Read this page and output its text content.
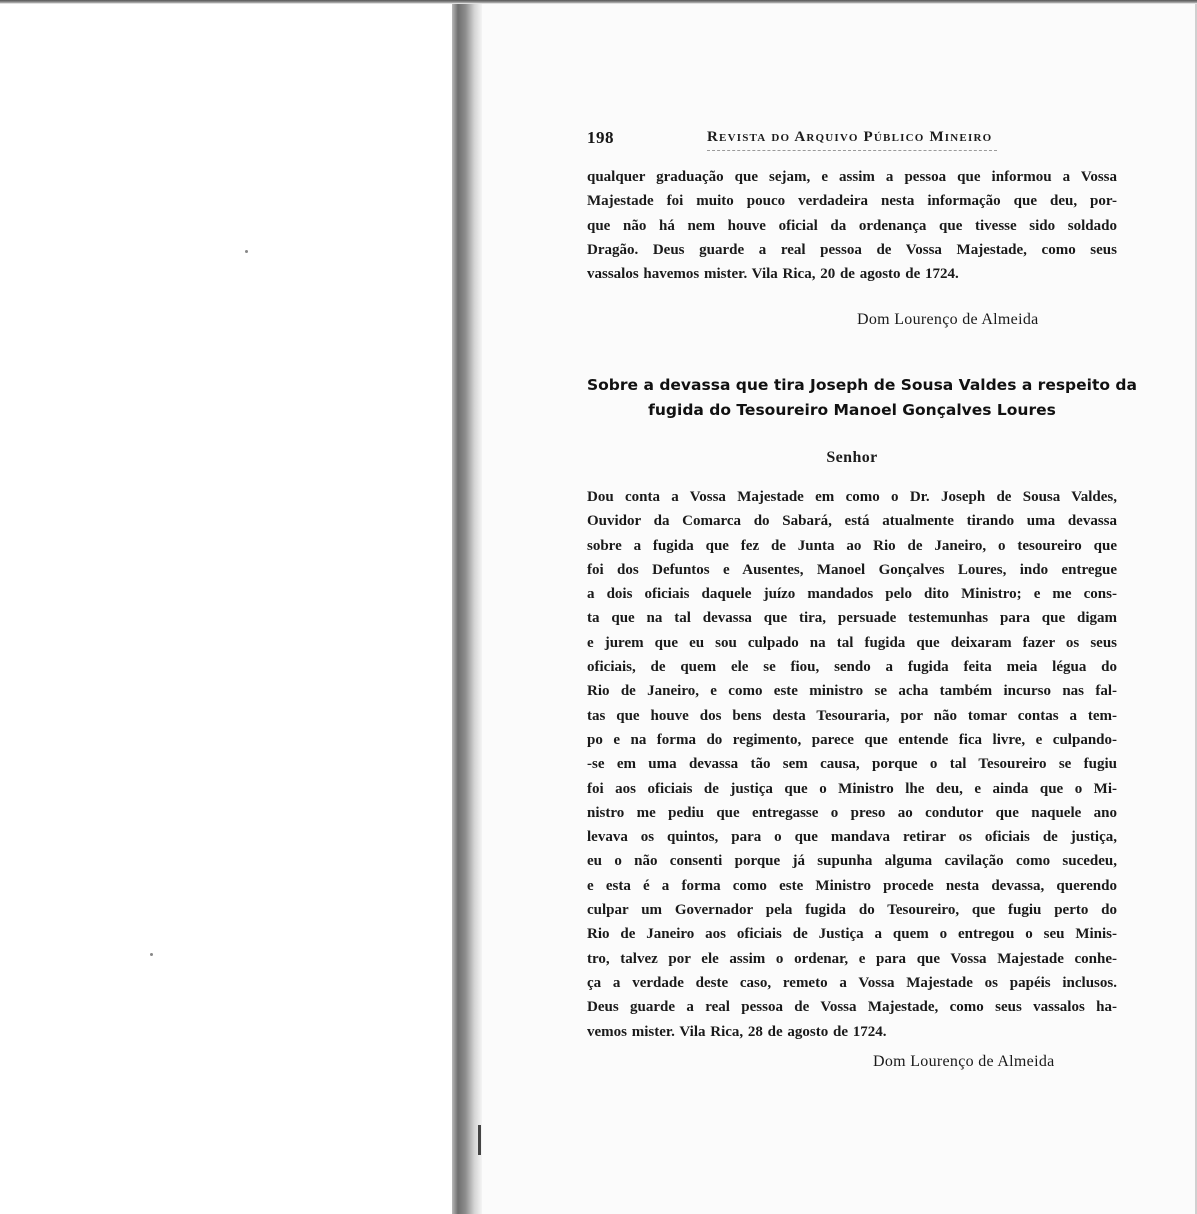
198	Revista do Arquivo Público Mineiro
qualquer graduação que sejam, e assim a pessoa que informou a Vossa
Majestade foi muito pouco verdadeira nesta informação que deu, por-
que não há nem houve oficial da ordenança que tivesse sido soldado
Dragão. Deus guarde a real pessoa de Vossa Majestade, como seus
vassalos havemos mister. Vila Rica, 20 de agosto de 1724.
Dom Lourenço de Almeida
Sobre a devassa que tira Joseph de Sousa Valdes a respeito da
fugida do Tesoureiro Manoel Gonçalves Loures
Senhor
Dou conta a Vossa Majestade em como o Dr. Joseph de Sousa Valdes,
Ouvidor da Comarca do Sabará, está atualmente tirando uma devassa
sobre a fugida que fez de Junta ao Rio de Janeiro, o tesoureiro que
foi dos Defuntos e Ausentes, Manoel Gonçalves Loures, indo entregue
a dois oficiais daquele juízo mandados pelo dito Ministro; e me cons-
ta que na tal devassa que tira, persuade testemunhas para que digam
e jurem que eu sou culpado na tal fugida que deixaram fazer os seus
oficiais, de quem ele se fiou, sendo a fugida feita meia légua do
Rio de Janeiro, e como este ministro se acha também incurso nas fal-
tas que houve dos bens desta Tesouraria, por não tomar contas a tem-
po e na forma do regimento, parece que entende fica livre, e culpando-
-se em uma devassa tão sem causa, porque o tal Tesoureiro se fugiu
foi aos oficiais de justiça que o Ministro lhe deu, e ainda que o Mi-
nistro me pediu que entregasse o preso ao condutor que naquele ano
levava os quintos, para o que mandava retirar os oficiais de justiça,
eu o não consenti porque já supunha alguma cavilação como sucedeu,
e esta é a forma como este Ministro procede nesta devassa, querendo
culpar um Governador pela fugida do Tesoureiro, que fugiu perto do
Rio de Janeiro aos oficiais de Justiça a quem o entregou o seu Minis-
tro, talvez por ele assim o ordenar, e para que Vossa Majestade conhe-
ça a verdade deste caso, remeto a Vossa Majestade os papéis inclusos.
Deus guarde a real pessoa de Vossa Majestade, como seus vassalos ha-
vemos mister. Vila Rica, 28 de agosto de 1724.
Dom Lourenço de Almeida
